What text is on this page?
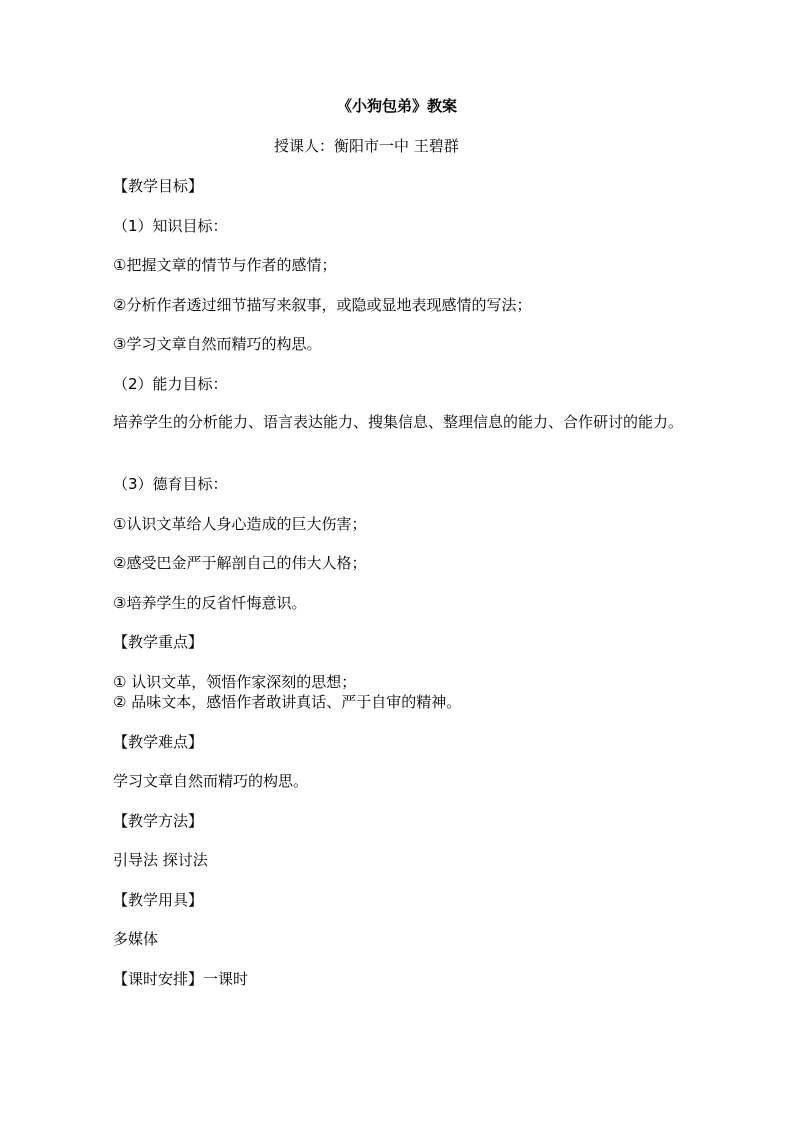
《小狗包弟》教案
授课人：衡阳市一中 王碧群
【教学目标】
（1）知识目标：
①把握文章的情节与作者的感情；
②分析作者透过细节描写来叙事，或隐或显地表现感情的写法；
③学习文章自然而精巧的构思。
（2）能力目标：
培养学生的分析能力、语言表达能力、搜集信息、整理信息的能力、合作研讨的能力。
（3）德育目标：
①认识文革给人身心造成的巨大伤害；
②感受巴金严于解剖自己的伟大人格；
③培养学生的反省忏悔意识。
【教学重点】
① 认识文革，领悟作家深刻的思想；
② 品味文本，感悟作者敢讲真话、严于自审的精神。
【教学难点】
学习文章自然而精巧的构思。
【教学方法】
引导法 探讨法
【教学用具】
多媒体
【课时安排】一课时
